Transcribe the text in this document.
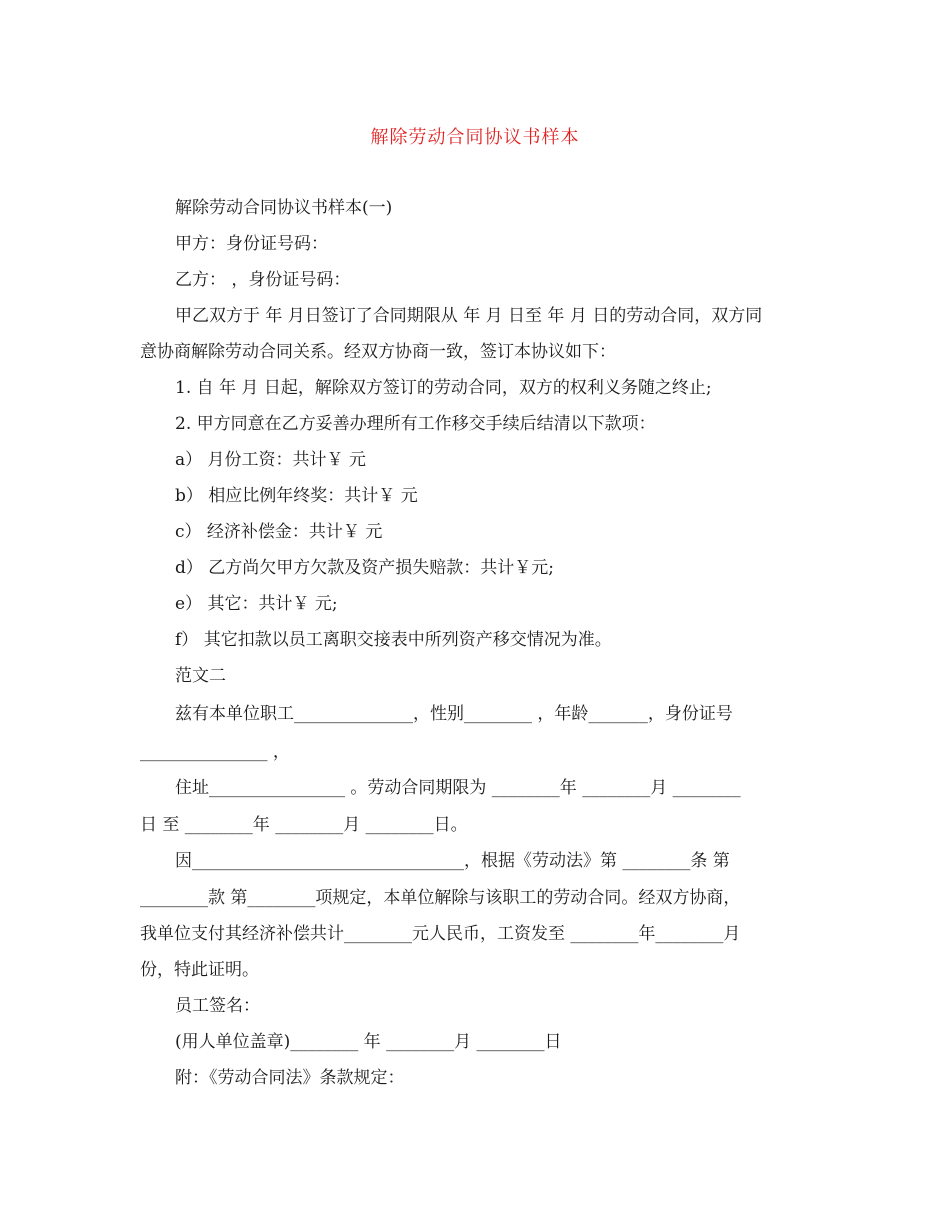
解除劳动合同协议书样本
解除劳动合同协议书样本(一)
甲方：身份证号码：
乙方： ，身份证号码：
甲乙双方于 年 月日签订了合同期限从 年 月 日至 年 月 日的劳动合同，双方同
意协商解除劳动合同关系。经双方协商一致，签订本协议如下：
1. 自 年 月 日起，解除双方签订的劳动合同，双方的权利义务随之终止;
2. 甲方同意在乙方妥善办理所有工作移交手续后结清以下款项：
a） 月份工资：共计￥ 元
b） 相应比例年终奖：共计￥ 元
c） 经济补偿金：共计￥ 元
d） 乙方尚欠甲方欠款及资产损失赔款：共计￥元;
e） 其它：共计￥ 元;
f） 其它扣款以员工离职交接表中所列资产移交情况为准。
范文二
兹有本单位职工______________，性别________ ，年龄_______，身份证号
_______________ ，
住址________________ 。劳动合同期限为 ________年 ________月 ________
日 至 ________年 ________月 ________日。
因________________________________，根据《劳动法》第 ________条 第
________款 第________项规定，本单位解除与该职工的劳动合同。经双方协商，
我单位支付其经济补偿共计________元人民币，工资发至 ________年________月
份，特此证明。
员工签名：
(用人单位盖章)________ 年 ________月 ________日
附：《劳动合同法》条款规定：
